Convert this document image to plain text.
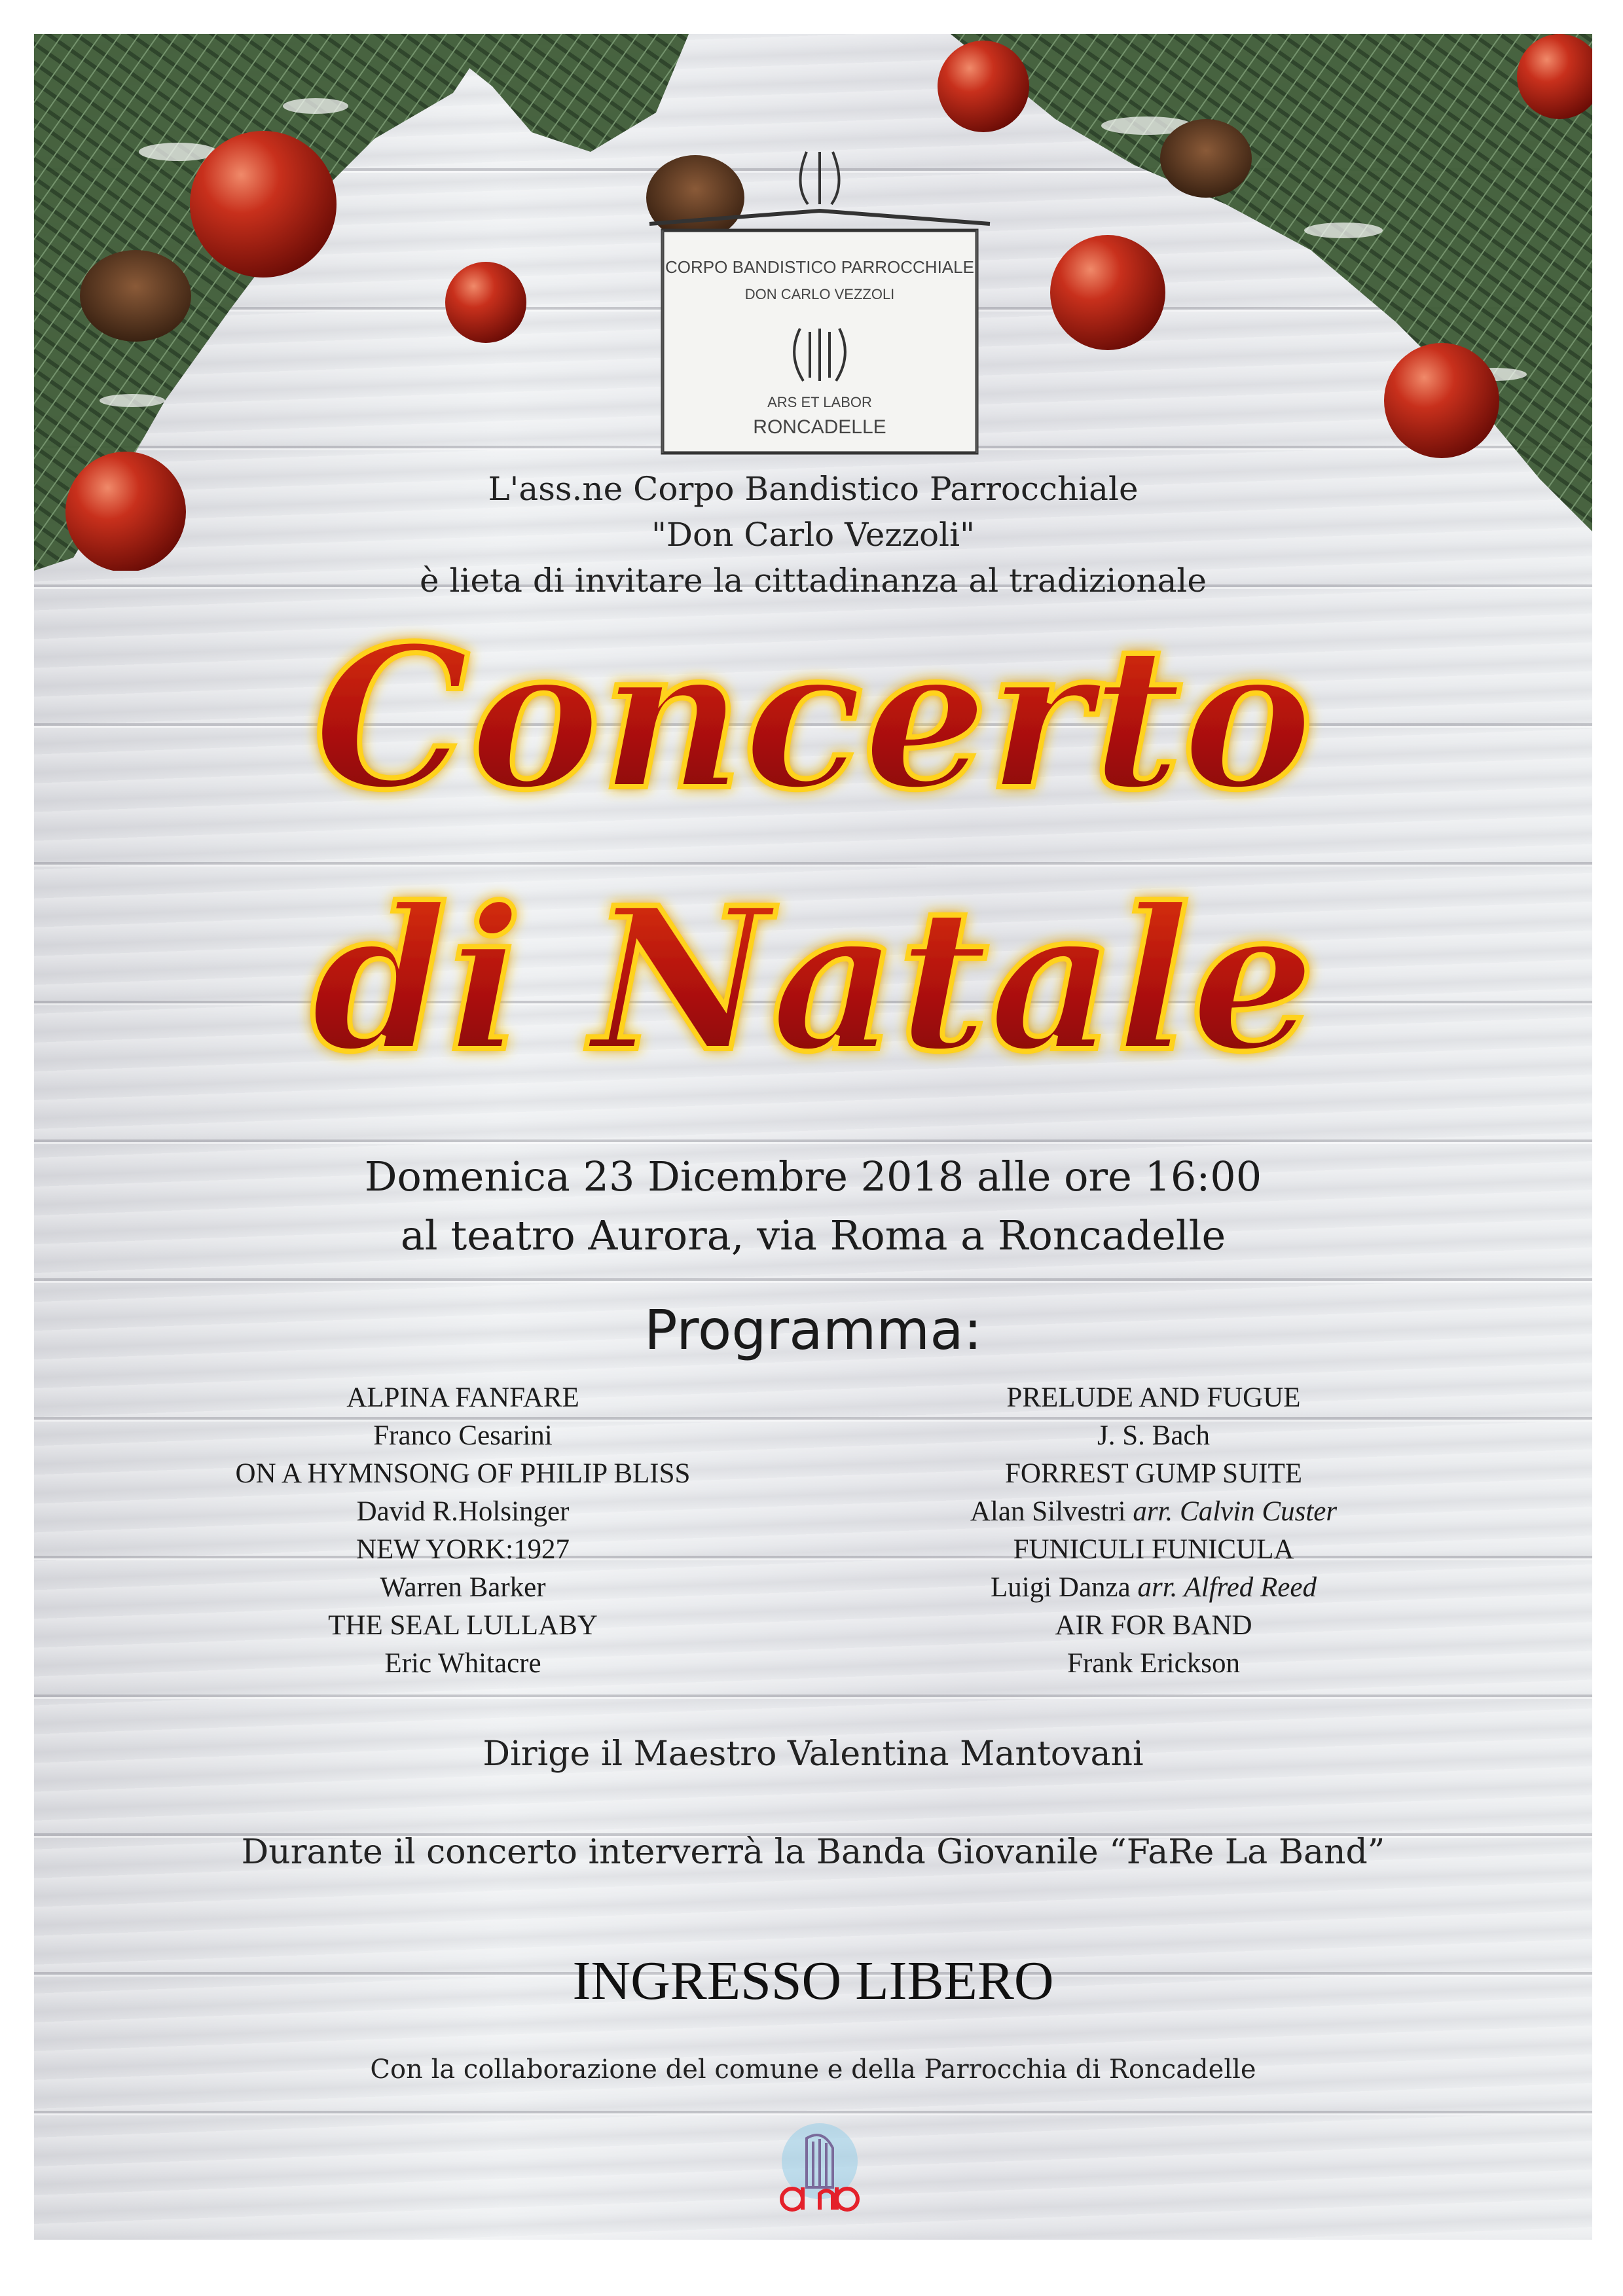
CORPO BANDISTICO PARROCCHIALE
DON CARLO VEZZOLI
ARS ET LABOR
RONCADELLE
L'ass.ne Corpo Bandistico Parrocchiale
"Don Carlo Vezzoli"
è lieta di invitare la cittadinanza al tradizionale
Concerto
di Natale
Domenica 23 Dicembre 2018 alle ore 16:00
al teatro Aurora, via Roma a Roncadelle
Programma:
ALPINA FANFARE
Franco Cesarini
ON A HYMNSONG OF PHILIP BLISS
David R.Holsinger
NEW YORK:1927
Warren Barker
THE SEAL LULLABY
Eric Whitacre
PRELUDE AND FUGUE
J. S. Bach
FORREST GUMP SUITE
Alan Silvestri arr. Calvin Custer
FUNICULI FUNICULA
Luigi Danza arr. Alfred Reed
AIR FOR BAND
Frank Erickson
Dirige il Maestro Valentina Mantovani
Durante il concerto interverrà la Banda Giovanile “FaRe La Band”
INGRESSO LIBERO
Con la collaborazione del comune e della Parrocchia di Roncadelle
